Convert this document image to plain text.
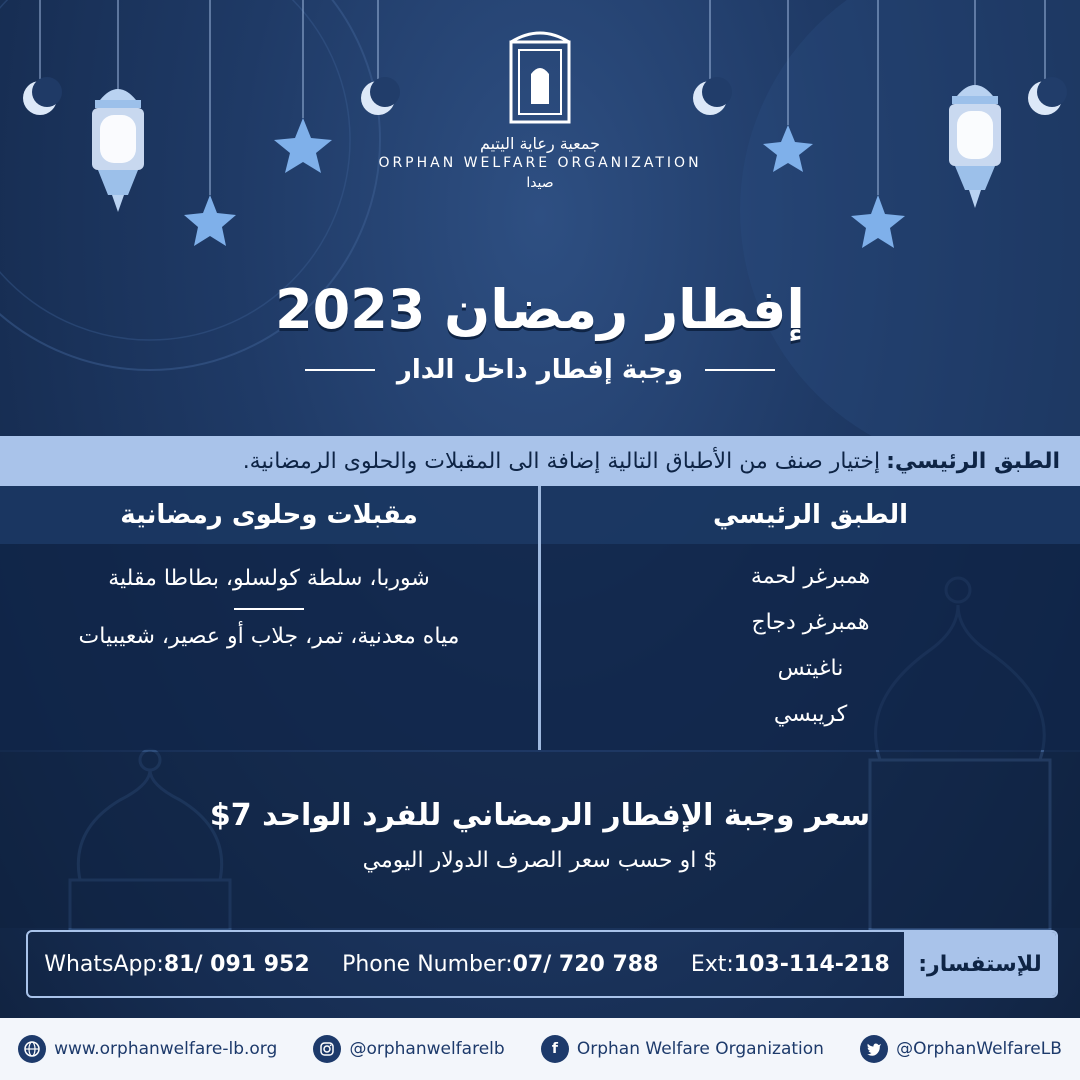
جمعية رعاية اليتيم
ORPHAN WELFARE ORGANIZATION
صيدا
إفطار رمضان 2023
وجبة إفطار داخل الدار
الطبق الرئيسي:
إختيار صنف من الأطباق التالية إضافة الى المقبلات والحلوى الرمضانية.
الطبق الرئيسي
مقبلات وحلوى رمضانية
همبرغر لحمة
همبرغر دجاج
ناغيتس
كريبسي
شوربا، سلطة كولسلو، بطاطا مقلية
مياه معدنية، تمر، جلاب أو عصير، شعيبيات
سعر وجبة الإفطار الرمضاني للفرد الواحد 7$
$ او حسب سعر الصرف الدولار اليومي
WhatsApp:81/ 091 952 Phone Number:07/ 720 788 Ext:103-114-218	للإستفسار:
www.orphanwelfare-lb.org	@orphanwelfarelb	f	Orphan Welfare Organization	@OrphanWelfareLB
